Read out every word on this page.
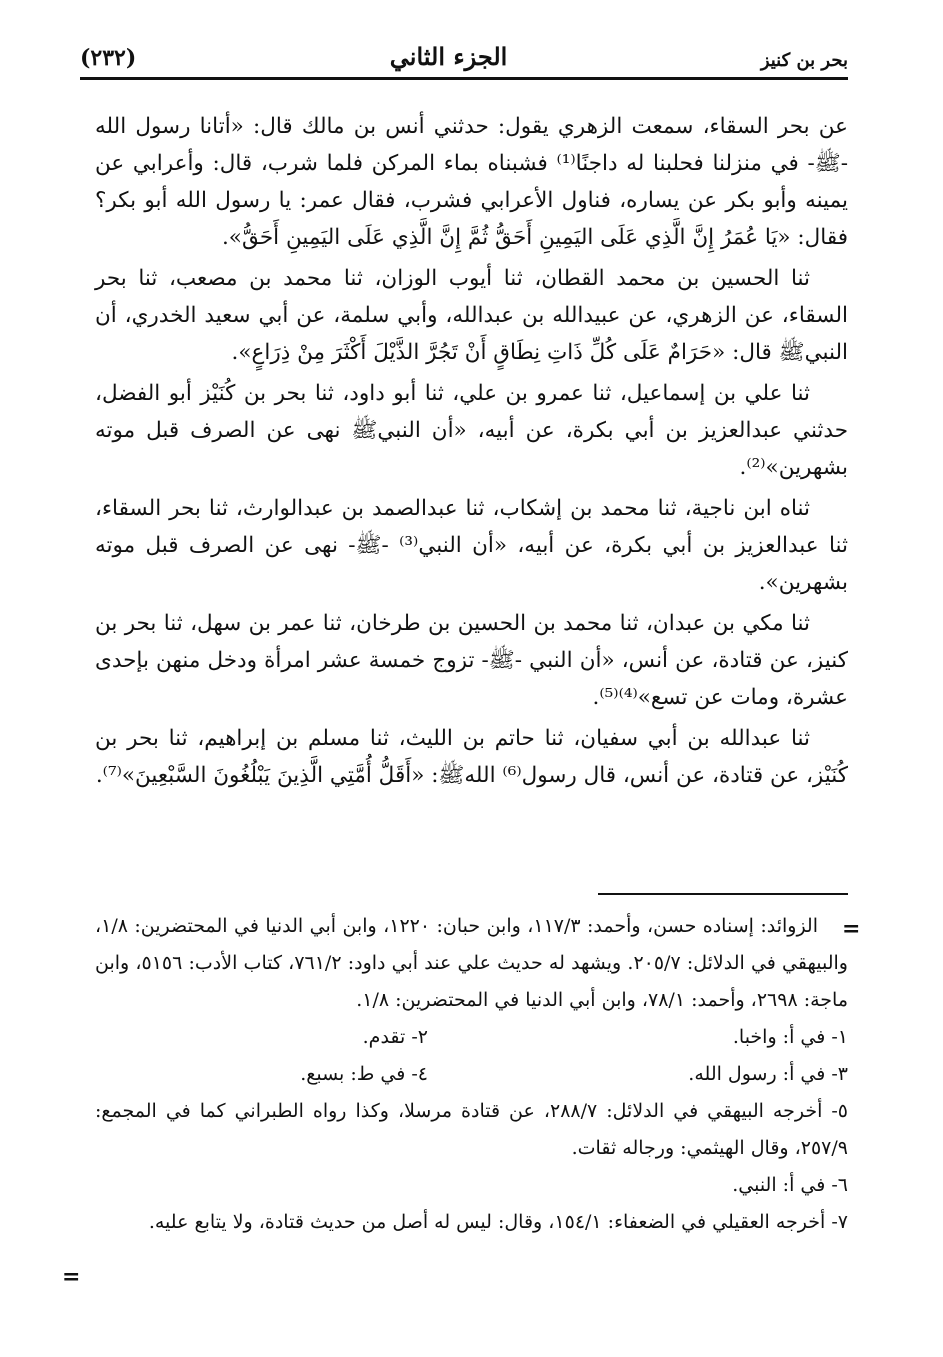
(٢٣٢)	الجزء الثاني	بحر بن كنيز

عن بحر السقاء، سمعت الزهري يقول: حدثني أنس بن مالك قال: «أتانا رسول الله -ﷺ- في منزلنا فحلبنا له داجنًا⁽¹⁾ فشبناه بماء المركن فلما شرب، قال: وأعرابي عن يمينه وأبو بكر عن يساره، فناول الأعرابي فشرب، فقال عمر: يا رسول الله أبو بكر؟ فقال: «يَا عُمَرُ إِنَّ الَّذِي عَلَى اليَمِينِ أَحَقُّ ثُمَّ إِنَّ الَّذِي عَلَى اليَمِينِ أَحَقُّ».

ثنا الحسين بن محمد القطان، ثنا أيوب الوزان، ثنا محمد بن مصعب، ثنا بحر السقاء، عن الزهري، عن عبيدالله بن عبدالله، وأبي سلمة، عن أبي سعيد الخدري، أن النبيﷺ قال: «حَرَامٌ عَلَى كُلِّ ذَاتِ نِطَاقٍ أَنْ تَجُرَّ الذَّيْلَ أَكْثَرَ مِنْ ذِرَاعٍ».

ثنا علي بن إسماعيل، ثنا عمرو بن علي، ثنا أبو داود، ثنا بحر بن كُنَيْز أبو الفضل، حدثني عبدالعزيز بن أبي بكرة، عن أبيه، «أن النبيﷺ نهى عن الصرف قبل موته بشهرين»⁽²⁾.

ثناه ابن ناجية، ثنا محمد بن إشكاب، ثنا عبدالصمد بن عبدالوارث، ثنا بحر السقاء، ثنا عبدالعزيز بن أبي بكرة، عن أبيه، «أن النبي⁽³⁾ -ﷺ- نهى عن الصرف قبل موته بشهرين».

ثنا مكي بن عبدان، ثنا محمد بن الحسين بن طرخان، ثنا عمر بن سهل، ثنا بحر بن كنيز، عن قتادة، عن أنس، «أن النبي -ﷺ- تزوج خمسة عشر امرأة ودخل منهن بإحدى عشرة، ومات عن تسع»⁽⁴⁾⁽⁵⁾.

ثنا عبدالله بن أبي سفيان، ثنا حاتم بن الليث، ثنا مسلم بن إبراهيم، ثنا بحر بن كُنَيْز، عن قتادة، عن أنس، قال رسول⁽⁶⁾ اللهﷺ: «أَقَلُّ أُمَّتِي الَّذِينَ يَبْلُغُونَ السَّبْعِينَ»⁽⁷⁾.

الزوائد: إسناده حسن، وأحمد: ١١٧/٣، وابن حبان: ١٢٢٠، وابن أبي الدنيا في المحتضرين: ١/٨، والبيهقي في الدلائل: ٢٠٥/٧. ويشهد له حديث علي عند أبي داود: ٧٦١/٢، كتاب الأدب: ٥١٥٦، وابن ماجة: ٢٦٩٨، وأحمد: ٧٨/١، وابن أبي الدنيا في المحتضرين: ١/٨.

١- في أ: واخبا.
٢- تقدم.
٣- في أ: رسول الله.
٤- في ط: بسبع.

٥- أخرجه البيهقي في الدلائل: ٢٨٨/٧، عن قتادة مرسلا، وكذا رواه الطبراني كما في المجمع: ٢٥٧/٩، وقال الهيثمي: ورجاله ثقات.

٦- في أ: النبي.

٧- أخرجه العقيلي في الضعفاء: ١٥٤/١، وقال: ليس له أصل من حديث قتادة، ولا يتابع عليه.

=
=
